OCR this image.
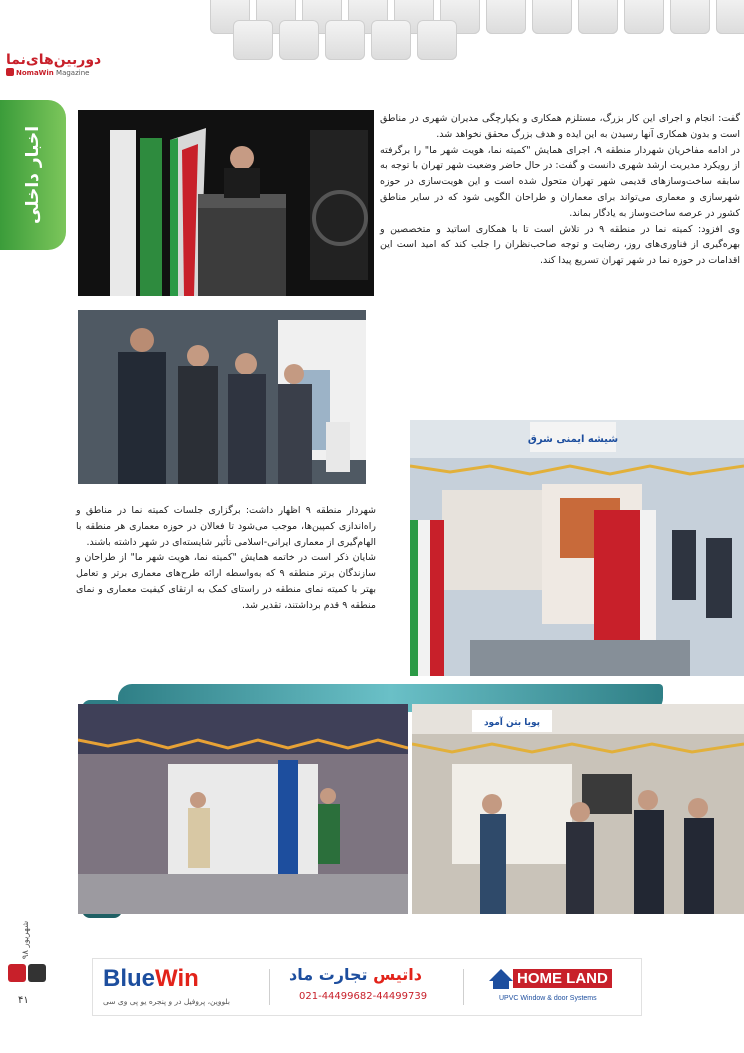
دوربین‌های‌نما
NomaWin Magazine
اخبار داخلی
شیشه ایمنی شرق
پویا بتن آمود

گفت: انجام و اجرای این کار بزرگ، مستلزم همکاری و یکپارچگی مدیران شهری در مناطق است و بدون همکاری آنها رسیدن به این ایده و هدف بزرگ محقق نخواهد شد.

در ادامه مفاخریان شهردار منطقه ۹، اجرای همایش "کمیته نما، هویت شهر ما" را برگرفته از رویکرد مدیریت ارشد شهری دانست و گفت: در حال حاضر وضعیت شهر تهران با توجه به سابقه ساخت‌وسازهای قدیمی شهر تهران متحول شده است و این هویت‌سازی در حوزه شهرسازی و معماری می‌تواند برای معماران و طراحان الگویی شود که در سایر مناطق کشور در عرصه ساخت‌وساز به یادگار بماند.

وی افزود: کمیته نما در منطقه ۹ در تلاش است تا با همکاری اساتید و متخصصین و بهره‌گیری از فناوری‌های روز، رضایت و توجه صاحب‌نظران را جلب کند که امید است این اقدامات در حوزه نما در شهر تهران تسریع پیدا کند.

شهردار منطقه ۹ اظهار داشت: برگزاری جلسات کمیته نما در مناطق و راه‌اندازی کمپین‌ها، موجب می‌شود تا فعالان در حوزه معماری هر منطقه با الهام‌گیری از معماری ایرانی-اسلامی تأثیر شایسته‌ای در شهر داشته باشند.

شایان ذکر است در خاتمه همایش "کمیته نما، هویت شهر ما" از طراحان و سازندگان برتر منطقه ۹ که به‌واسطه ارائه طرح‌های معماری برتر و تعامل بهتر با کمیته نمای منطقه در راستای کمک به ارتقای کیفیت معماری و نمای منطقه ۹ قدم برداشتند، تقدیر شد.

شهریور ۹۸
۴۱
BlueWin
بلووین، پروفیل در و پنجره یو پی وی سی
داتیس تجارت ماد
021-44499682-44499739
HOME LAND
UPVC Window & door Systems
